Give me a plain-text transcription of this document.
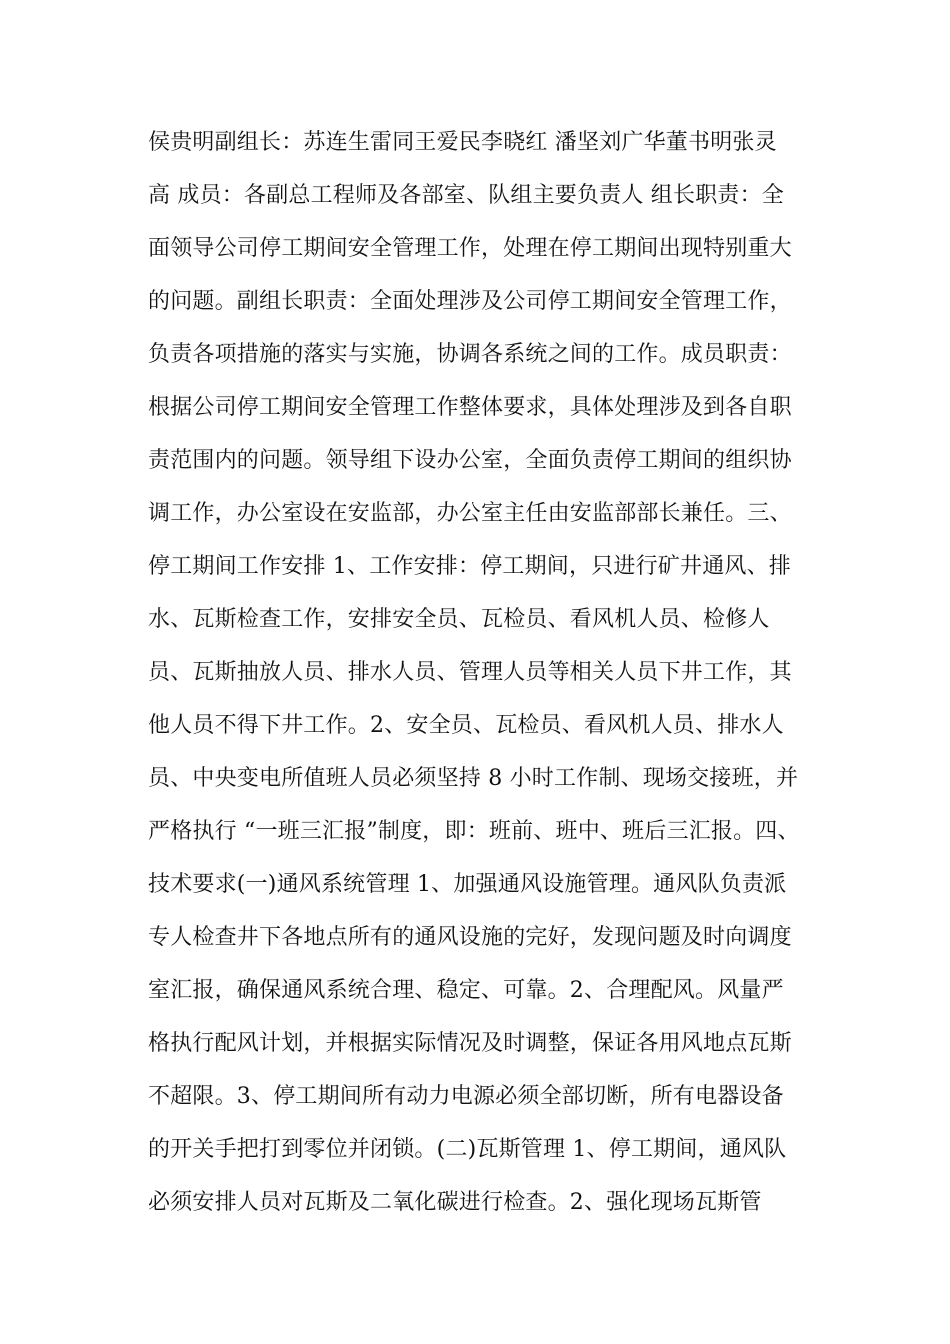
侯贵明副组长：苏连生雷同王爱民李晓红 潘坚刘广华董书明张灵
高 成员：各副总工程师及各部室、队组主要负责人 组长职责：全
面领导公司停工期间安全管理工作，处理在停工期间出现特别重大
的问题。副组长职责：全面处理涉及公司停工期间安全管理工作，
负责各项措施的落实与实施，协调各系统之间的工作。成员职责：
根据公司停工期间安全管理工作整体要求，具体处理涉及到各自职
责范围内的问题。领导组下设办公室，全面负责停工期间的组织协
调工作，办公室设在安监部，办公室主任由安监部部长兼任。三、
停工期间工作安排 1、工作安排：停工期间，只进行矿井通风、排
水、瓦斯检查工作，安排安全员、瓦检员、看风机人员、检修人
员、瓦斯抽放人员、排水人员、管理人员等相关人员下井工作，其
他人员不得下井工作。2、安全员、瓦检员、看风机人员、排水人
员、中央变电所值班人员必须坚持 8 小时工作制、现场交接班，并
严格执行 “一班三汇报”制度，即：班前、班中、班后三汇报。四、
技术要求(一)通风系统管理 1、加强通风设施管理。通风队负责派
专人检查井下各地点所有的通风设施的完好，发现问题及时向调度
室汇报，确保通风系统合理、稳定、可靠。2、合理配风。风量严
格执行配风计划，并根据实际情况及时调整，保证各用风地点瓦斯
不超限。3、停工期间所有动力电源必须全部切断，所有电器设备
的开关手把打到零位并闭锁。(二)瓦斯管理 1、停工期间，通风队
必须安排人员对瓦斯及二氧化碳进行检查。2、强化现场瓦斯管
